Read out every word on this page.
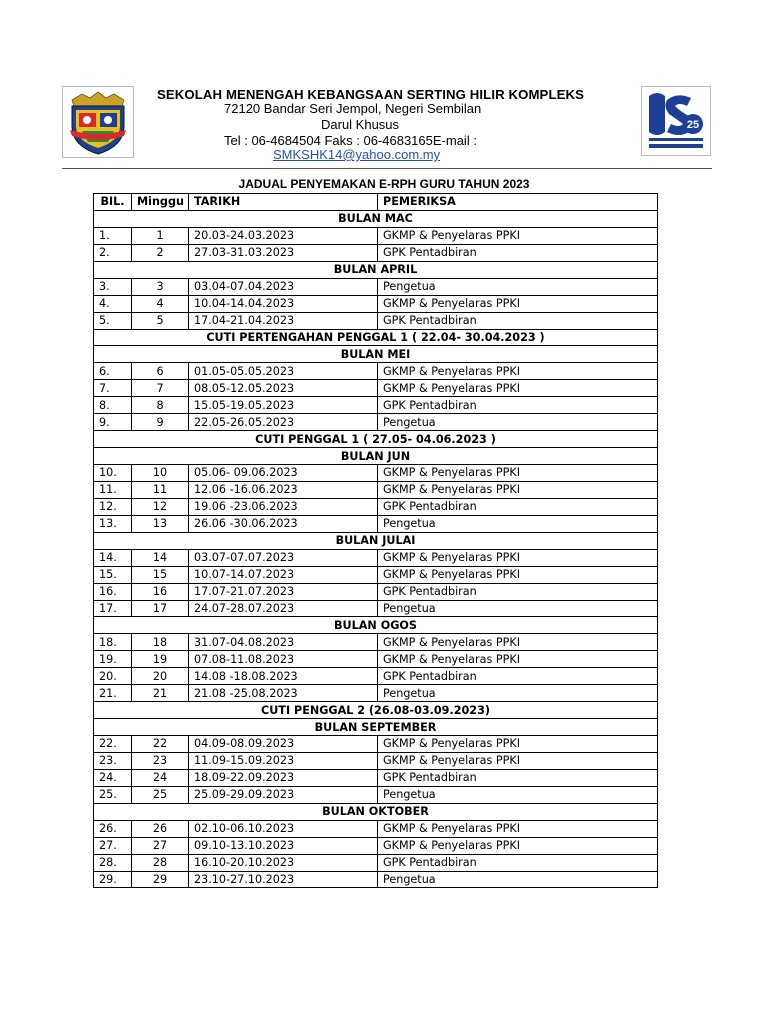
25
SEKOLAH MENENGAH KEBANGSAAN SERTING HILIR KOMPLEKS
72120 Bandar Seri Jempol, Negeri Sembilan
Darul Khusus
Tel : 06-4684504 Faks : 06-4683165E-mail :
SMKSHK14@yahoo.com.my
JADUAL PENYEMAKAN E-RPH GURU TAHUN 2023
BIL.	Minggu	TARIKH	PEMERIKSA
BULAN MAC			
1.	1	20.03-24.03.2023	GKMP & Penyelaras PPKI
2.	2	27.03-31.03.2023	GPK Pentadbiran
BULAN APRIL			
3.	3	03.04-07.04.2023	Pengetua
4.	4	10.04-14.04.2023	GKMP & Penyelaras PPKI
5.	5	17.04-21.04.2023	GPK Pentadbiran
CUTI PERTENGAHAN PENGGAL 1 ( 22.04- 30.04.2023 )			
BULAN MEI			
6.	6	01.05-05.05.2023	GKMP & Penyelaras PPKI
7.	7	08.05-12.05.2023	GKMP & Penyelaras PPKI
8.	8	15.05-19.05.2023	GPK Pentadbiran
9.	9	22.05-26.05.2023	Pengetua
CUTI PENGGAL 1 ( 27.05- 04.06.2023 )			
BULAN JUN			
10.	10	05.06- 09.06.2023	GKMP & Penyelaras PPKI
11.	11	12.06 -16.06.2023	GKMP & Penyelaras PPKI
12.	12	19.06 -23.06.2023	GPK Pentadbiran
13.	13	26.06 -30.06.2023	Pengetua
BULAN JULAI			
14.	14	03.07-07.07.2023	GKMP & Penyelaras PPKI
15.	15	10.07-14.07.2023	GKMP & Penyelaras PPKI
16.	16	17.07-21.07.2023	GPK Pentadbiran
17.	17	24.07-28.07.2023	Pengetua
BULAN OGOS			
18.	18	31.07-04.08.2023	GKMP & Penyelaras PPKI
19.	19	07.08-11.08.2023	GKMP & Penyelaras PPKI
20.	20	14.08 -18.08.2023	GPK Pentadbiran
21.	21	21.08 -25.08.2023	Pengetua
CUTI PENGGAL 2 (26.08-03.09.2023)			
BULAN SEPTEMBER			
22.	22	04.09-08.09.2023	GKMP & Penyelaras PPKI
23.	23	11.09-15.09.2023	GKMP & Penyelaras PPKI
24.	24	18.09-22.09.2023	GPK Pentadbiran
25.	25	25.09-29.09.2023	Pengetua
BULAN OKTOBER			
26.	26	02.10-06.10.2023	GKMP & Penyelaras PPKI
27.	27	09.10-13.10.2023	GKMP & Penyelaras PPKI
28.	28	16.10-20.10.2023	GPK Pentadbiran
29.	29	23.10-27.10.2023	Pengetua
